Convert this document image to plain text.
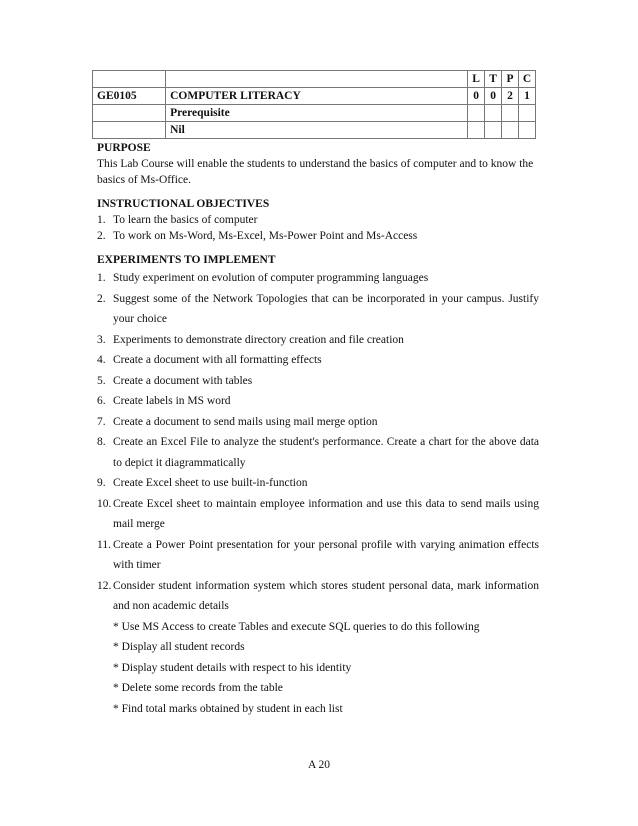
		L	T	P	C
GE0105	COMPUTER LITERACY	0	0	2	1
	Prerequisite				
	Nil				

PURPOSE

This Lab Course will enable the students to understand the basics of computer and to know the basics of Ms-Office.

INSTRUCTIONAL OBJECTIVES

1. To learn the basics of computer
2. To work on Ms-Word, Ms-Excel, Ms-Power Point and Ms-Access

EXPERIMENTS TO IMPLEMENT

1. Study experiment on evolution of computer programming languages
2. Suggest some of the Network Topologies that can be incorporated in your campus. Justify your choice
3. Experiments to demonstrate directory creation and file creation
4. Create a document with all formatting effects
5. Create a document with tables
6. Create labels in MS word
7. Create a document to send mails using mail merge option
8. Create an Excel File to analyze the student's performance. Create a chart for the above data to depict it diagrammatically
9. Create Excel sheet to use built-in-function
10. Create Excel sheet to maintain employee information and use this data to send mails using mail merge
11. Create a Power Point presentation for your personal profile with varying animation effects with timer
12. Consider student information system which stores student personal data, mark information and non academic details
* Use MS Access to create Tables and execute SQL queries to do this following
* Display all student records
* Display student details with respect to his identity
* Delete some records from the table
* Find total marks obtained by student in each list
A 20
